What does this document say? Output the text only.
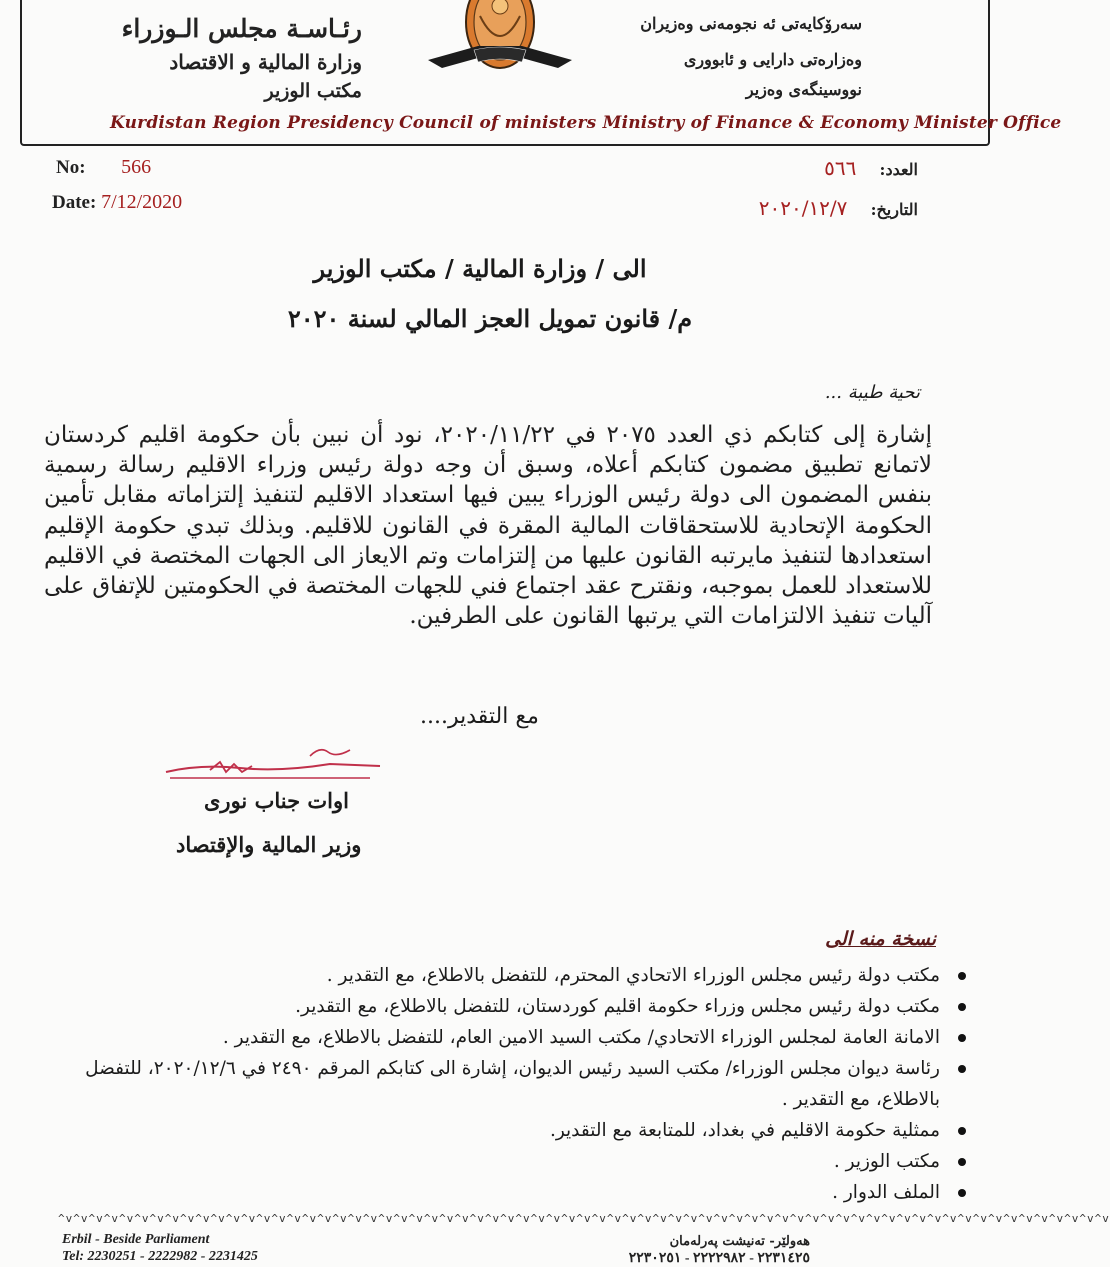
رئـاسـة مجلس الـوزراء
وزارة المالية و الاقتصاد
مكتب الوزير
سەرۆكایەتی ئە نجومەنی وەزیران
وەزارەتی دارایی و ئابووری
نووسینگەی وەزیر
Kurdistan Region Presidency Council of ministers Ministry of Finance & Economy Minister Office
No: 566
Date: 7/12/2020
العدد:  ٥٦٦
التاريخ:  ٢٠٢٠/١٢/٧
الى / وزارة المالية / مكتب الوزير
م/ قانون تمويل العجز المالي لسنة ٢٠٢٠
تحية طيبة ...
إشارة إلى كتابكم ذي العدد ٢٠٧٥ في ٢٠٢٠/١١/٢٢، نود أن نبين بأن حكومة اقليم كردستان لاتمانع تطبيق مضمون كتابكم أعلاه، وسبق أن وجه دولة رئيس وزراء الاقليم رسالة رسمية بنفس المضمون الى دولة رئيس الوزراء يبين فيها استعداد الاقليم لتنفيذ إلتزاماته مقابل تأمين الحكومة الإتحادية للاستحقاقات المالية المقرة في القانون للاقليم. وبذلك تبدي حكومة الإقليم استعدادها لتنفيذ مايرتبه القانون عليها من إلتزامات وتم الايعاز الى الجهات المختصة في الاقليم للاستعداد للعمل بموجبه، ونقترح عقد اجتماع فني للجهات المختصة في الحكومتين للإتفاق على آليات تنفيذ الالتزامات التي يرتبها القانون على الطرفين.
مع التقدير....
اوات جناب نوری
وزير المالية والإقتصاد
نسخة منه الى
مكتب دولة رئيس مجلس الوزراء الاتحادي المحترم، للتفضل بالاطلاع، مع التقدير .
مكتب دولة رئيس مجلس وزراء حكومة اقليم كوردستان، للتفضل بالاطلاع، مع التقدير.
الامانة العامة لمجلس الوزراء الاتحادي/ مكتب السيد الامين العام، للتفضل بالاطلاع، مع التقدير .
رئاسة ديوان مجلس الوزراء/ مكتب السيد رئيس الديوان، إشارة الى كتابكم المرقم ٢٤٩٠ في ٢٠٢٠/١٢/٦، للتفضل بالاطلاع، مع التقدير .
ممثلية حكومة الاقليم في بغداد، للمتابعة مع التقدير.
مكتب الوزير .
الملف الدوار .
^v^v^v^v^v^v^v^v^v^v^v^v^v^v^v^v^v^v^v^v^v^v^v^v^v^v^v^v^v^v^v^v^v^v^v^v^v^v^v^v^v^v^v^v^v^v^v^v^v^v^v^v^v^v^v^v^v^v^v^v^v^v^v^v^v^v^v^v^v
Erbil - Beside Parliament
Tel: 2230251 - 2222982 - 2231425
هەولێر- تەنیشت پەرلەمان
٢٢٣١٤٢٥ - ٢٢٢٢٩٨٢ - ٢٢٣٠٢٥١
